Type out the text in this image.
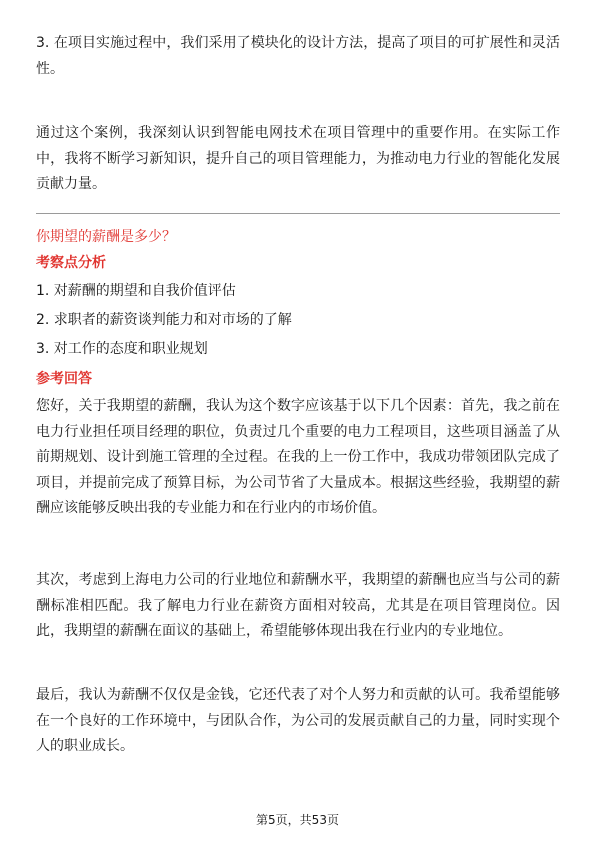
3. 在项目实施过程中，我们采用了模块化的设计方法，提高了项目的可扩展性和灵活性。

通过这个案例，我深刻认识到智能电网技术在项目管理中的重要作用。在实际工作中，我将不断学习新知识，提升自己的项目管理能力，为推动电力行业的智能化发展贡献力量。

你期望的薪酬是多少？

考察点分析

1. 对薪酬的期望和自我价值评估

2. 求职者的薪资谈判能力和对市场的了解

3. 对工作的态度和职业规划

参考回答

您好，关于我期望的薪酬，我认为这个数字应该基于以下几个因素：首先，我之前在电力行业担任项目经理的职位，负责过几个重要的电力工程项目，这些项目涵盖了从前期规划、设计到施工管理的全过程。在我的上一份工作中，我成功带领团队完成了项目，并提前完成了预算目标，为公司节省了大量成本。根据这些经验，我期望的薪酬应该能够反映出我的专业能力和在行业内的市场价值。

其次，考虑到上海电力公司的行业地位和薪酬水平，我期望的薪酬也应当与公司的薪酬标准相匹配。我了解电力行业在薪资方面相对较高，尤其是在项目管理岗位。因此，我期望的薪酬在面议的基础上，希望能够体现出我在行业内的专业地位。

最后，我认为薪酬不仅仅是金钱，它还代表了对个人努力和贡献的认可。我希望能够在一个良好的工作环境中，与团队合作，为公司的发展贡献自己的力量，同时实现个人的职业成长。

第5页，共53页
